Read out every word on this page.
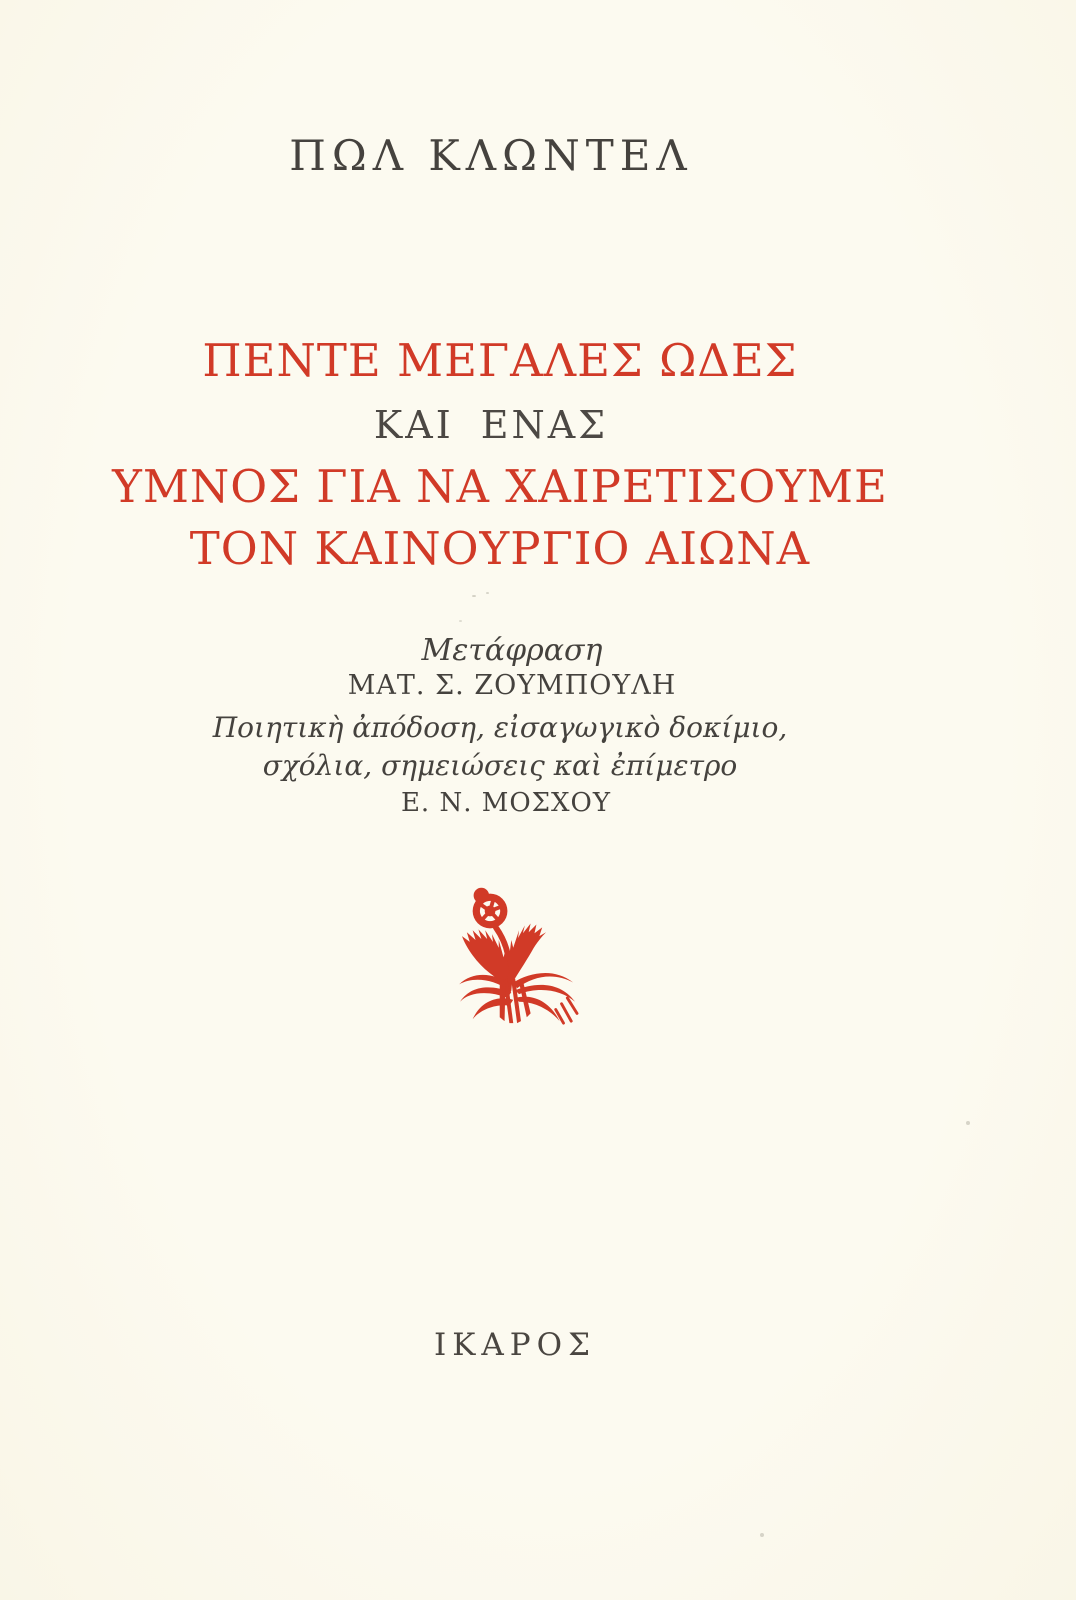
ΠΩΛ ΚΛΩΝΤΕΛ
ΠΕΝΤΕ ΜΕΓΑΛΕΣ ΩΔΕΣ
ΚΑΙ ΕΝΑΣ
ΥΜΝΟΣ ΓΙΑ ΝΑ ΧΑΙΡΕΤΙΣΟΥΜΕ
ΤΟΝ ΚΑΙΝΟΥΡΓΙΟ ΑΙΩΝΑ
Μετάφραση
ΜΑΤ. Σ. ΖΟΥΜΠΟΥΛΗ
Ποιητικὴ ἀπόδοση, εἰσαγωγικὸ δοκίμιο,
σχόλια, σημειώσεις καὶ ἐπίμετρο
Ε. Ν. ΜΟΣΧΟΥ
ΙΚΑΡΟΣ
